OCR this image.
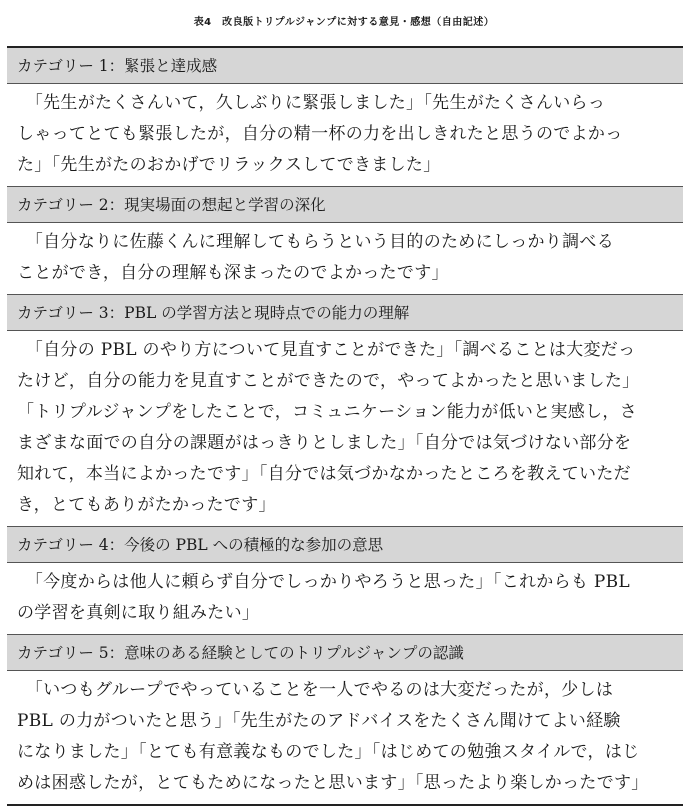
表4　改良版トリプルジャンプに対する意見・感想（自由記述）
カテゴリー 1：緊張と達成感

　「先生がたくさんいて，久しぶりに緊張しました」「先生がたくさんいらっ

しゃってとても緊張したが，自分の精一杯の力を出しきれたと思うのでよかっ

た」「先生がたのおかげでリラックスしてできました」

カテゴリー 2：現実場面の想起と学習の深化

　「自分なりに佐藤くんに理解してもらうという目的のためにしっかり調べる

ことができ，自分の理解も深まったのでよかったです」

カテゴリー 3：PBL の学習方法と現時点での能力の理解

　「自分の PBL のやり方について見直すことができた」「調べることは大変だっ

たけど，自分の能力を見直すことができたので，やってよかったと思いました」

「トリプルジャンプをしたことで，コミュニケーション能力が低いと実感し，さ

まざまな面での自分の課題がはっきりとしました」「自分では気づけない部分を

知れて，本当によかったです」「自分では気づかなかったところを教えていただ

き，とてもありがたかったです」

カテゴリー 4：今後の PBL への積極的な参加の意思

　「今度からは他人に頼らず自分でしっかりやろうと思った」「これからも PBL

の学習を真剣に取り組みたい」

カテゴリー 5：意味のある経験としてのトリプルジャンプの認識

　「いつもグループでやっていることを一人でやるのは大変だったが，少しは

PBL の力がついたと思う」「先生がたのアドバイスをたくさん聞けてよい経験

になりました」「とても有意義なものでした」「はじめての勉強スタイルで，はじ

めは困惑したが，とてもためになったと思います」「思ったより楽しかったです」
